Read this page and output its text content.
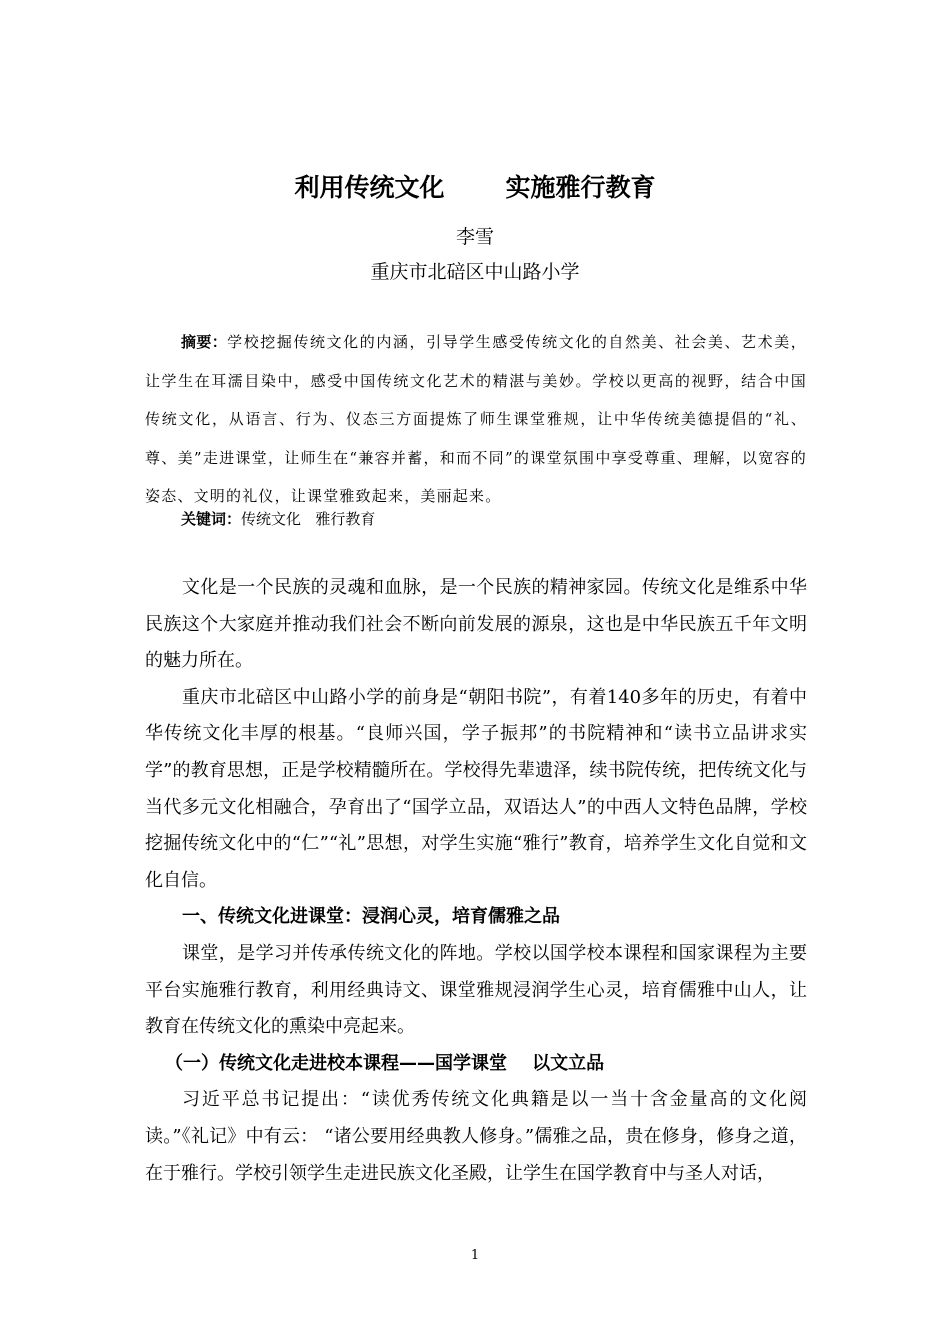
利用传统文化       实施雅行教育
李雪
重庆市北碚区中山路小学

摘要：学校挖掘传统文化的内涵，引导学生感受传统文化的自然美、社会美、艺术美，让学生在耳濡目染中，感受中国传统文化艺术的精湛与美妙。学校以更高的视野，结合中国传统文化，从语言、行为、仪态三方面提炼了师生课堂雅规，让中华传统美德提倡的“礼、尊、美”走进课堂，让师生在“兼容并蓄，和而不同”的课堂氛围中享受尊重、理解，以宽容的姿态、文明的礼仪，让课堂雅致起来，美丽起来。

关键词：传统文化   雅行教育

文化是一个民族的灵魂和血脉，是一个民族的精神家园。传统文化是维系中华民族这个大家庭并推动我们社会不断向前发展的源泉，这也是中华民族五千年文明的魅力所在。

重庆市北碚区中山路小学的前身是“朝阳书院”，有着140多年的历史，有着中华传统文化丰厚的根基。“良师兴国，学子振邦”的书院精神和“读书立品讲求实学”的教育思想，正是学校精髓所在。学校得先辈遗泽，续书院传统，把传统文化与当代多元文化相融合，孕育出了“国学立品，双语达人”的中西人文特色品牌，学校挖掘传统文化中的“仁”“礼”思想，对学生实施“雅行”教育，培养学生文化自觉和文化自信。

一、传统文化进课堂：浸润心灵，培育儒雅之品

课堂，是学习并传承传统文化的阵地。学校以国学校本课程和国家课程为主要平台实施雅行教育，利用经典诗文、课堂雅规浸润学生心灵，培育儒雅中山人，让教育在传统文化的熏染中亮起来。

（一）传统文化走进校本课程——国学课堂    以文立品

习近平总书记提出：“读优秀传统文化典籍是以一当十含金量高的文化阅读。”《礼记》中有云： “诸公要用经典教人修身。”儒雅之品，贵在修身，修身之道，在于雅行。学校引领学生走进民族文化圣殿，让学生在国学教育中与圣人对话，

1
